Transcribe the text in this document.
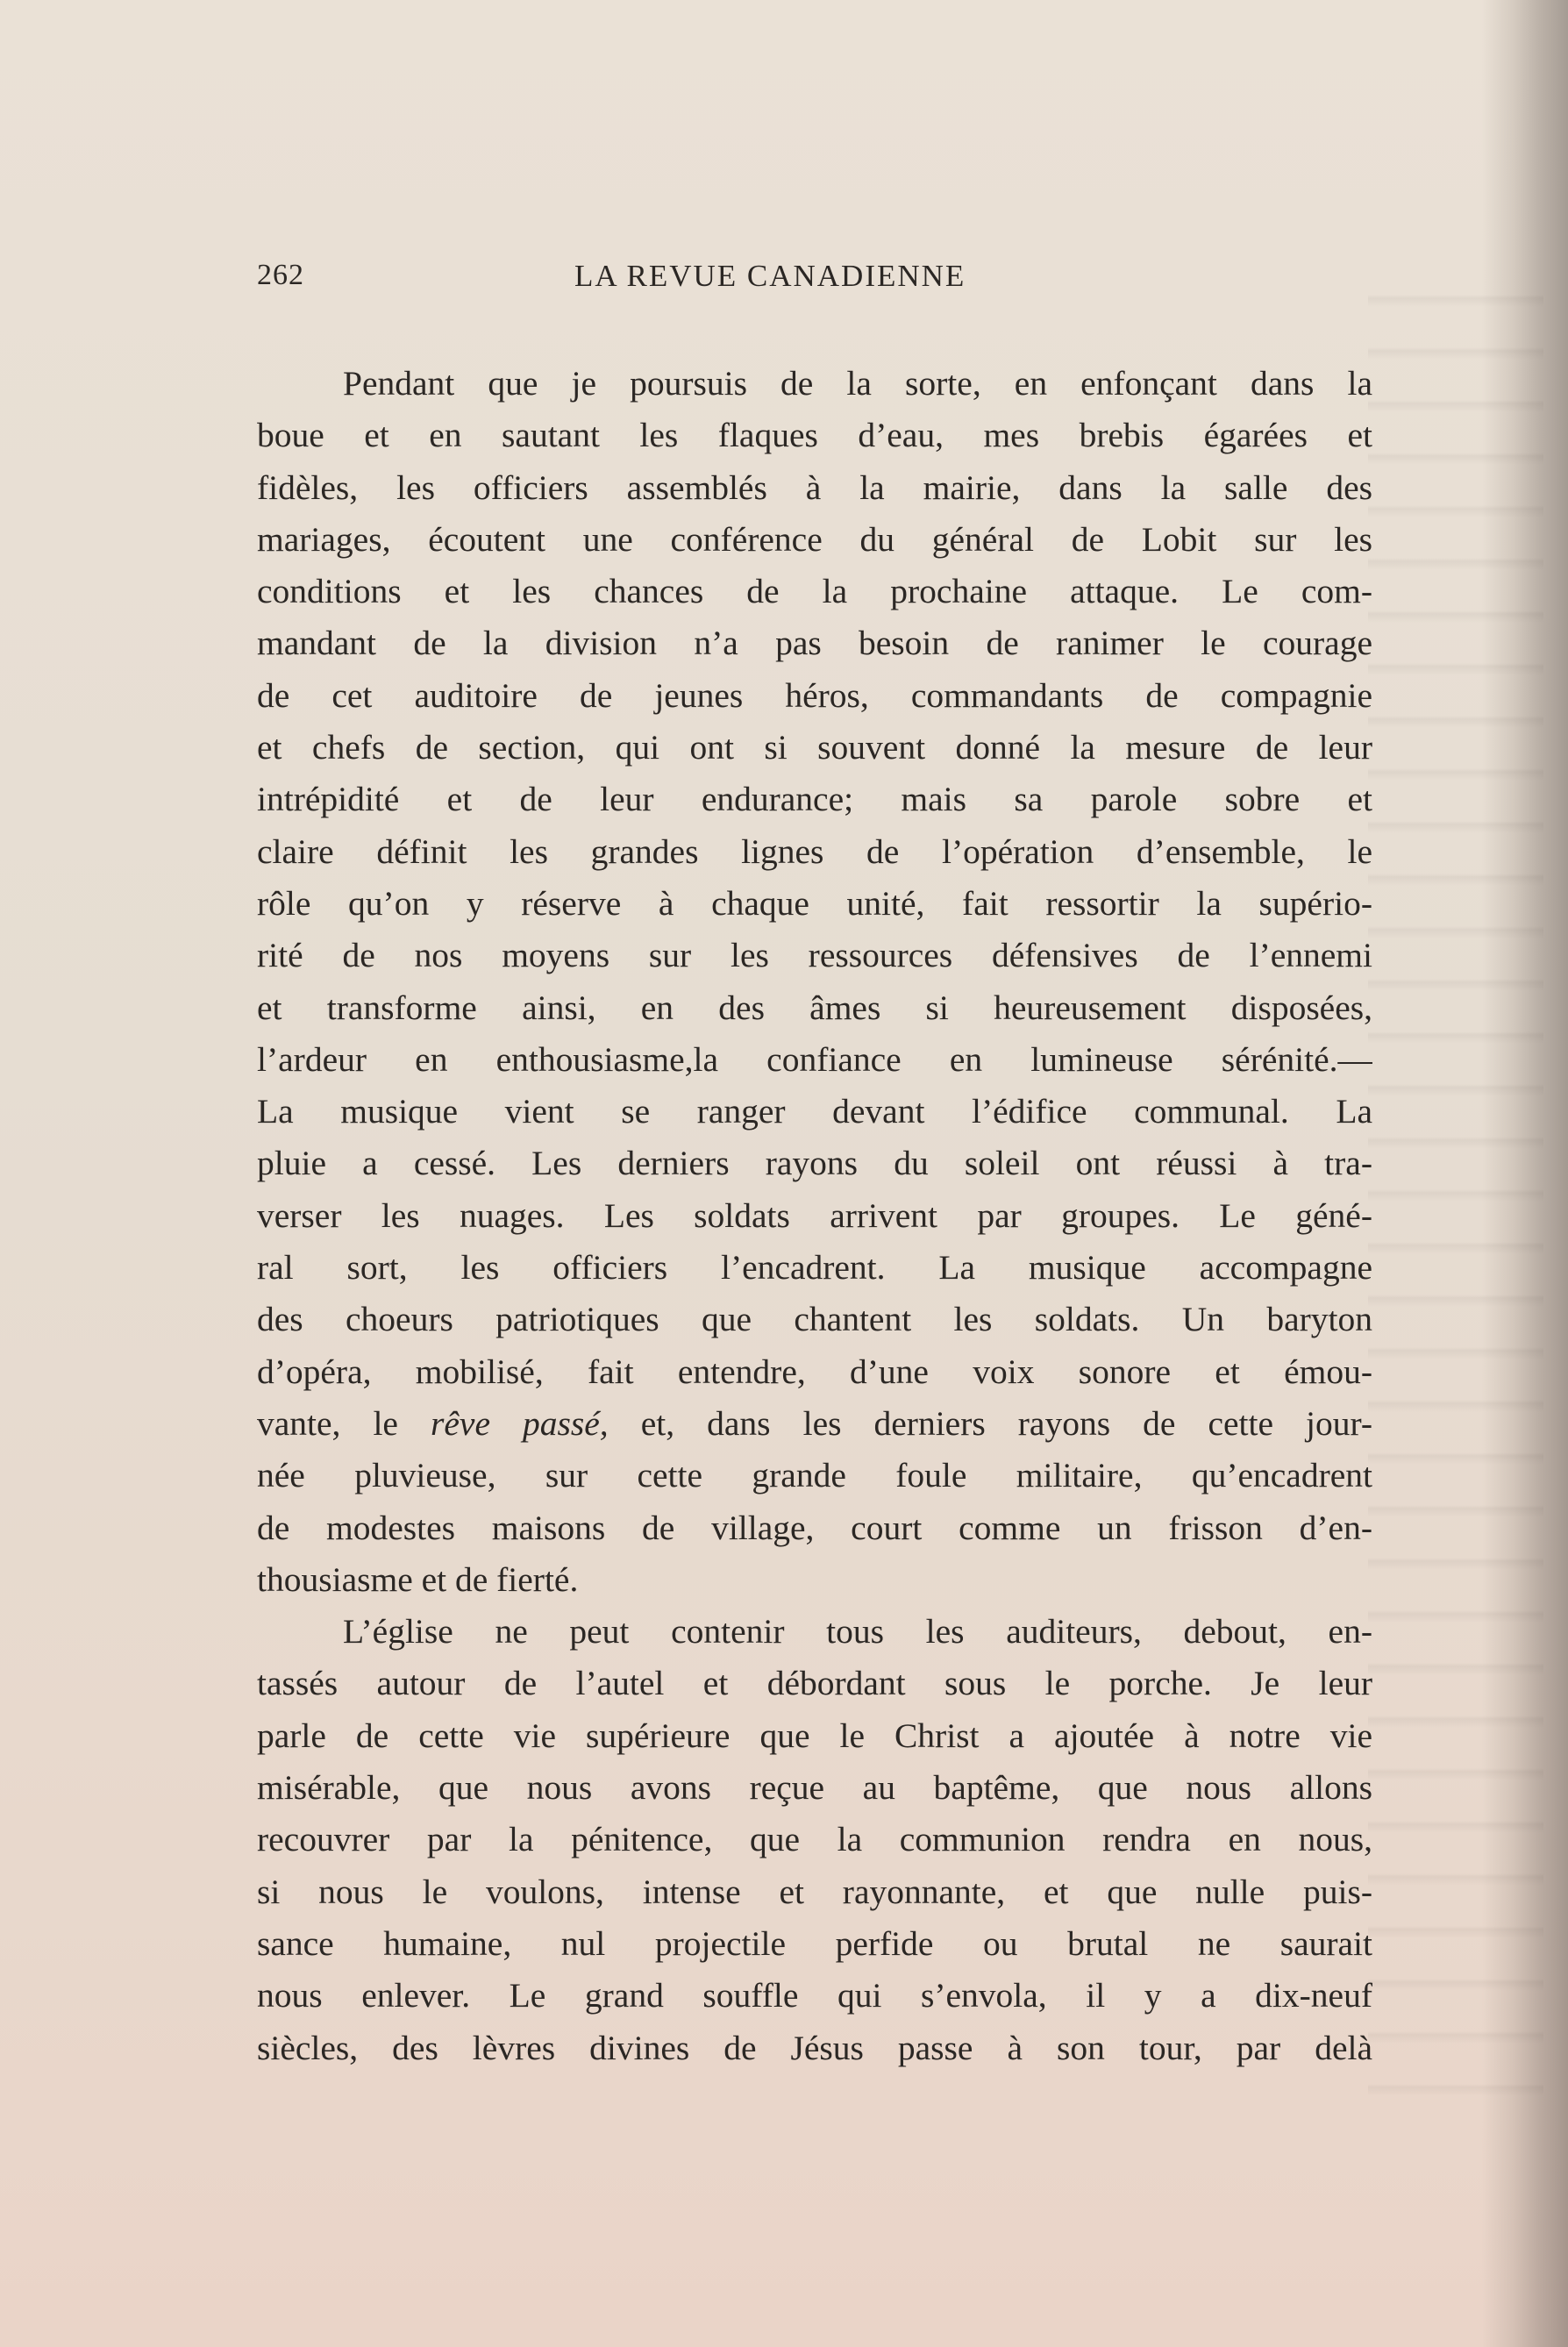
262	LA REVUE CANADIENNE
Pendant que je poursuis de la sorte, en enfonçant dans la
boue et en sautant les flaques d’eau, mes brebis égarées et
fidèles, les officiers assemblés à la mairie, dans la salle des
mariages, écoutent une conférence du général de Lobit sur les
conditions et les chances de la prochaine attaque. Le com-
mandant de la division n’a pas besoin de ranimer le courage
de cet auditoire de jeunes héros, commandants de compagnie
et chefs de section, qui ont si souvent donné la mesure de leur
intrépidité et de leur endurance; mais sa parole sobre et
claire définit les grandes lignes de l’opération d’ensemble, le
rôle qu’on y réserve à chaque unité, fait ressortir la supério-
rité de nos moyens sur les ressources défensives de l’ennemi
et transforme ainsi, en des âmes si heureusement disposées,
l’ardeur en enthousiasme,la confiance en lumineuse sérénité.—
La musique vient se ranger devant l’édifice communal. La
pluie a cessé. Les derniers rayons du soleil ont réussi à tra-
verser les nuages. Les soldats arrivent par groupes. Le géné-
ral sort, les officiers l’encadrent. La musique accompagne
des choeurs patriotiques que chantent les soldats. Un baryton
d’opéra, mobilisé, fait entendre, d’une voix sonore et émou-
vante, le rêve passé, et, dans les derniers rayons de cette jour-
née pluvieuse, sur cette grande foule militaire, qu’encadrent
de modestes maisons de village, court comme un frisson d’en-
thousiasme et de fierté.
L’église ne peut contenir tous les auditeurs, debout, en-
tassés autour de l’autel et débordant sous le porche. Je leur
parle de cette vie supérieure que le Christ a ajoutée à notre vie
misérable, que nous avons reçue au baptême, que nous allons
recouvrer par la pénitence, que la communion rendra en nous,
si nous le voulons, intense et rayonnante, et que nulle puis-
sance humaine, nul projectile perfide ou brutal ne saurait
nous enlever. Le grand souffle qui s’envola, il y a dix-neuf
siècles, des lèvres divines de Jésus passe à son tour, par delà
